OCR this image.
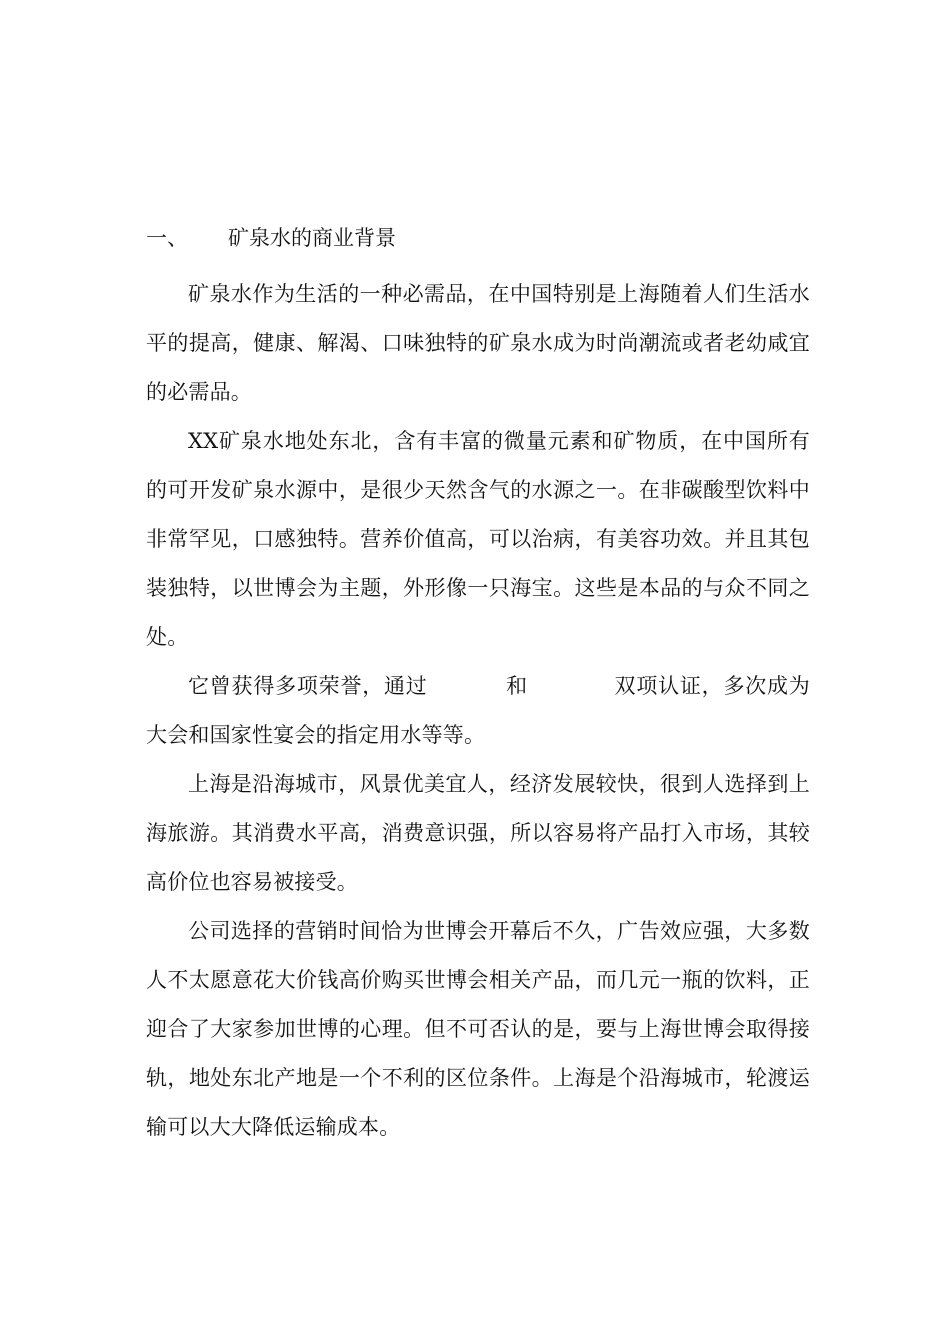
一、 矿泉水的商业背景

矿泉水作为生活的一种必需品，在中国特别是上海随着人们生活水平的提高，健康、解渴、口味独特的矿泉水成为时尚潮流或者老幼咸宜的必需品。

XX矿泉水地处东北，含有丰富的微量元素和矿物质，在中国所有的可开发矿泉水源中，是很少天然含气的水源之一。在非碳酸型饮料中非常罕见，口感独特。营养价值高，可以治病，有美容功效。并且其包装独特，以世博会为主题，外形像一只海宝。这些是本品的与众不同之处。

它曾获得多项荣誉，通过	和	双项认证，多次成为大会和国家性宴会的指定用水等等。

上海是沿海城市，风景优美宜人，经济发展较快，很到人选择到上海旅游。其消费水平高，消费意识强，所以容易将产品打入市场，其较高价位也容易被接受。

公司选择的营销时间恰为世博会开幕后不久，广告效应强，大多数人不太愿意花大价钱高价购买世博会相关产品，而几元一瓶的饮料，正迎合了大家参加世博的心理。但不可否认的是，要与上海世博会取得接轨，地处东北产地是一个不利的区位条件。上海是个沿海城市，轮渡运输可以大大降低运输成本。
